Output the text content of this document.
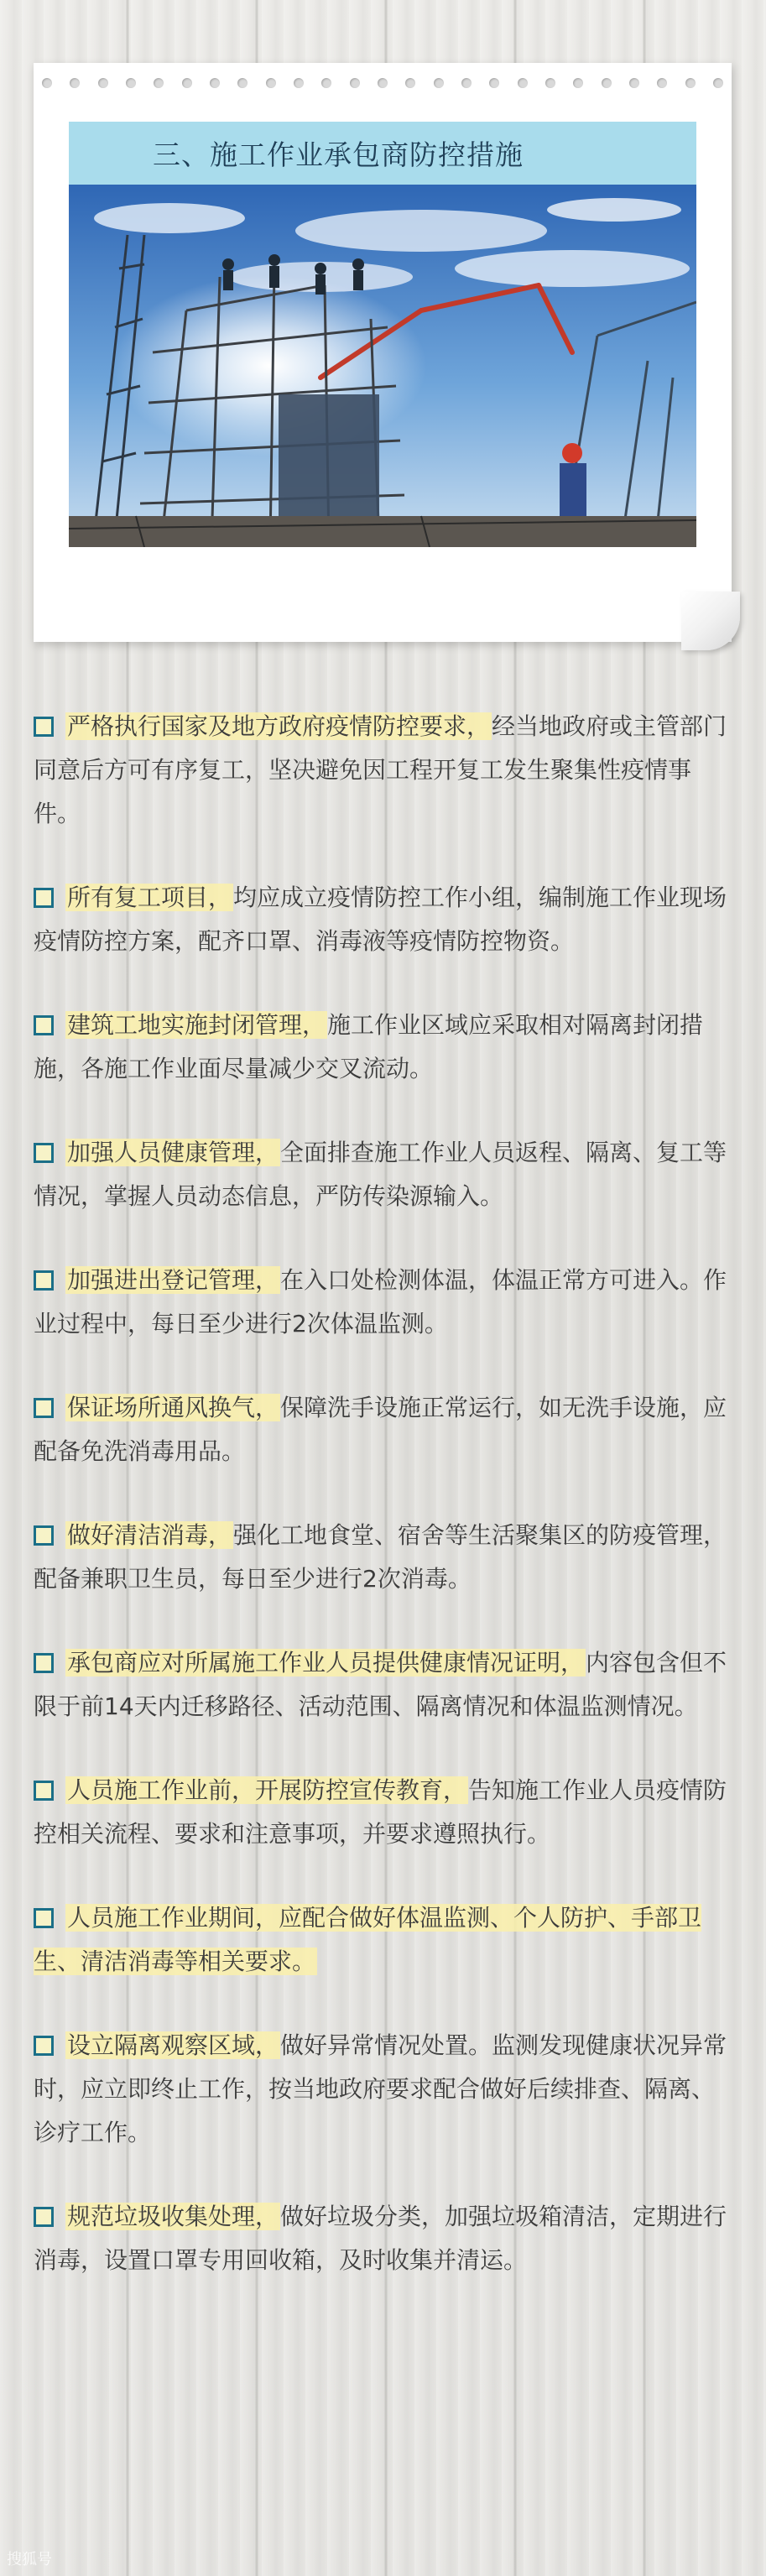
三、施工作业承包商防控措施

严格执行国家及地方政府疫情防控要求，经当地政府或主管部门同意后方可有序复工，坚决避免因工程开复工发生聚集性疫情事件。

所有复工项目，均应成立疫情防控工作小组，编制施工作业现场疫情防控方案，配齐口罩、消毒液等疫情防控物资。

建筑工地实施封闭管理，施工作业区域应采取相对隔离封闭措施，各施工作业面尽量减少交叉流动。

加强人员健康管理，全面排查施工作业人员返程、隔离、复工等情况，掌握人员动态信息，严防传染源输入。

加强进出登记管理，在入口处检测体温，体温正常方可进入。作业过程中，每日至少进行2次体温监测。

保证场所通风换气，保障洗手设施正常运行，如无洗手设施，应配备免洗消毒用品。

做好清洁消毒，强化工地食堂、宿舍等生活聚集区的防疫管理，配备兼职卫生员，每日至少进行2次消毒。

承包商应对所属施工作业人员提供健康情况证明，内容包含但不限于前14天内迁移路径、活动范围、隔离情况和体温监测情况。

人员施工作业前，开展防控宣传教育，告知施工作业人员疫情防控相关流程、要求和注意事项，并要求遵照执行。

人员施工作业期间，应配合做好体温监测、个人防护、手部卫生、清洁消毒等相关要求。

设立隔离观察区域，做好异常情况处置。监测发现健康状况异常时，应立即终止工作，按当地政府要求配合做好后续排查、隔离、诊疗工作。

规范垃圾收集处理，做好垃圾分类，加强垃圾箱清洁，定期进行消毒，设置口罩专用回收箱，及时收集并清运。

搜狐号
